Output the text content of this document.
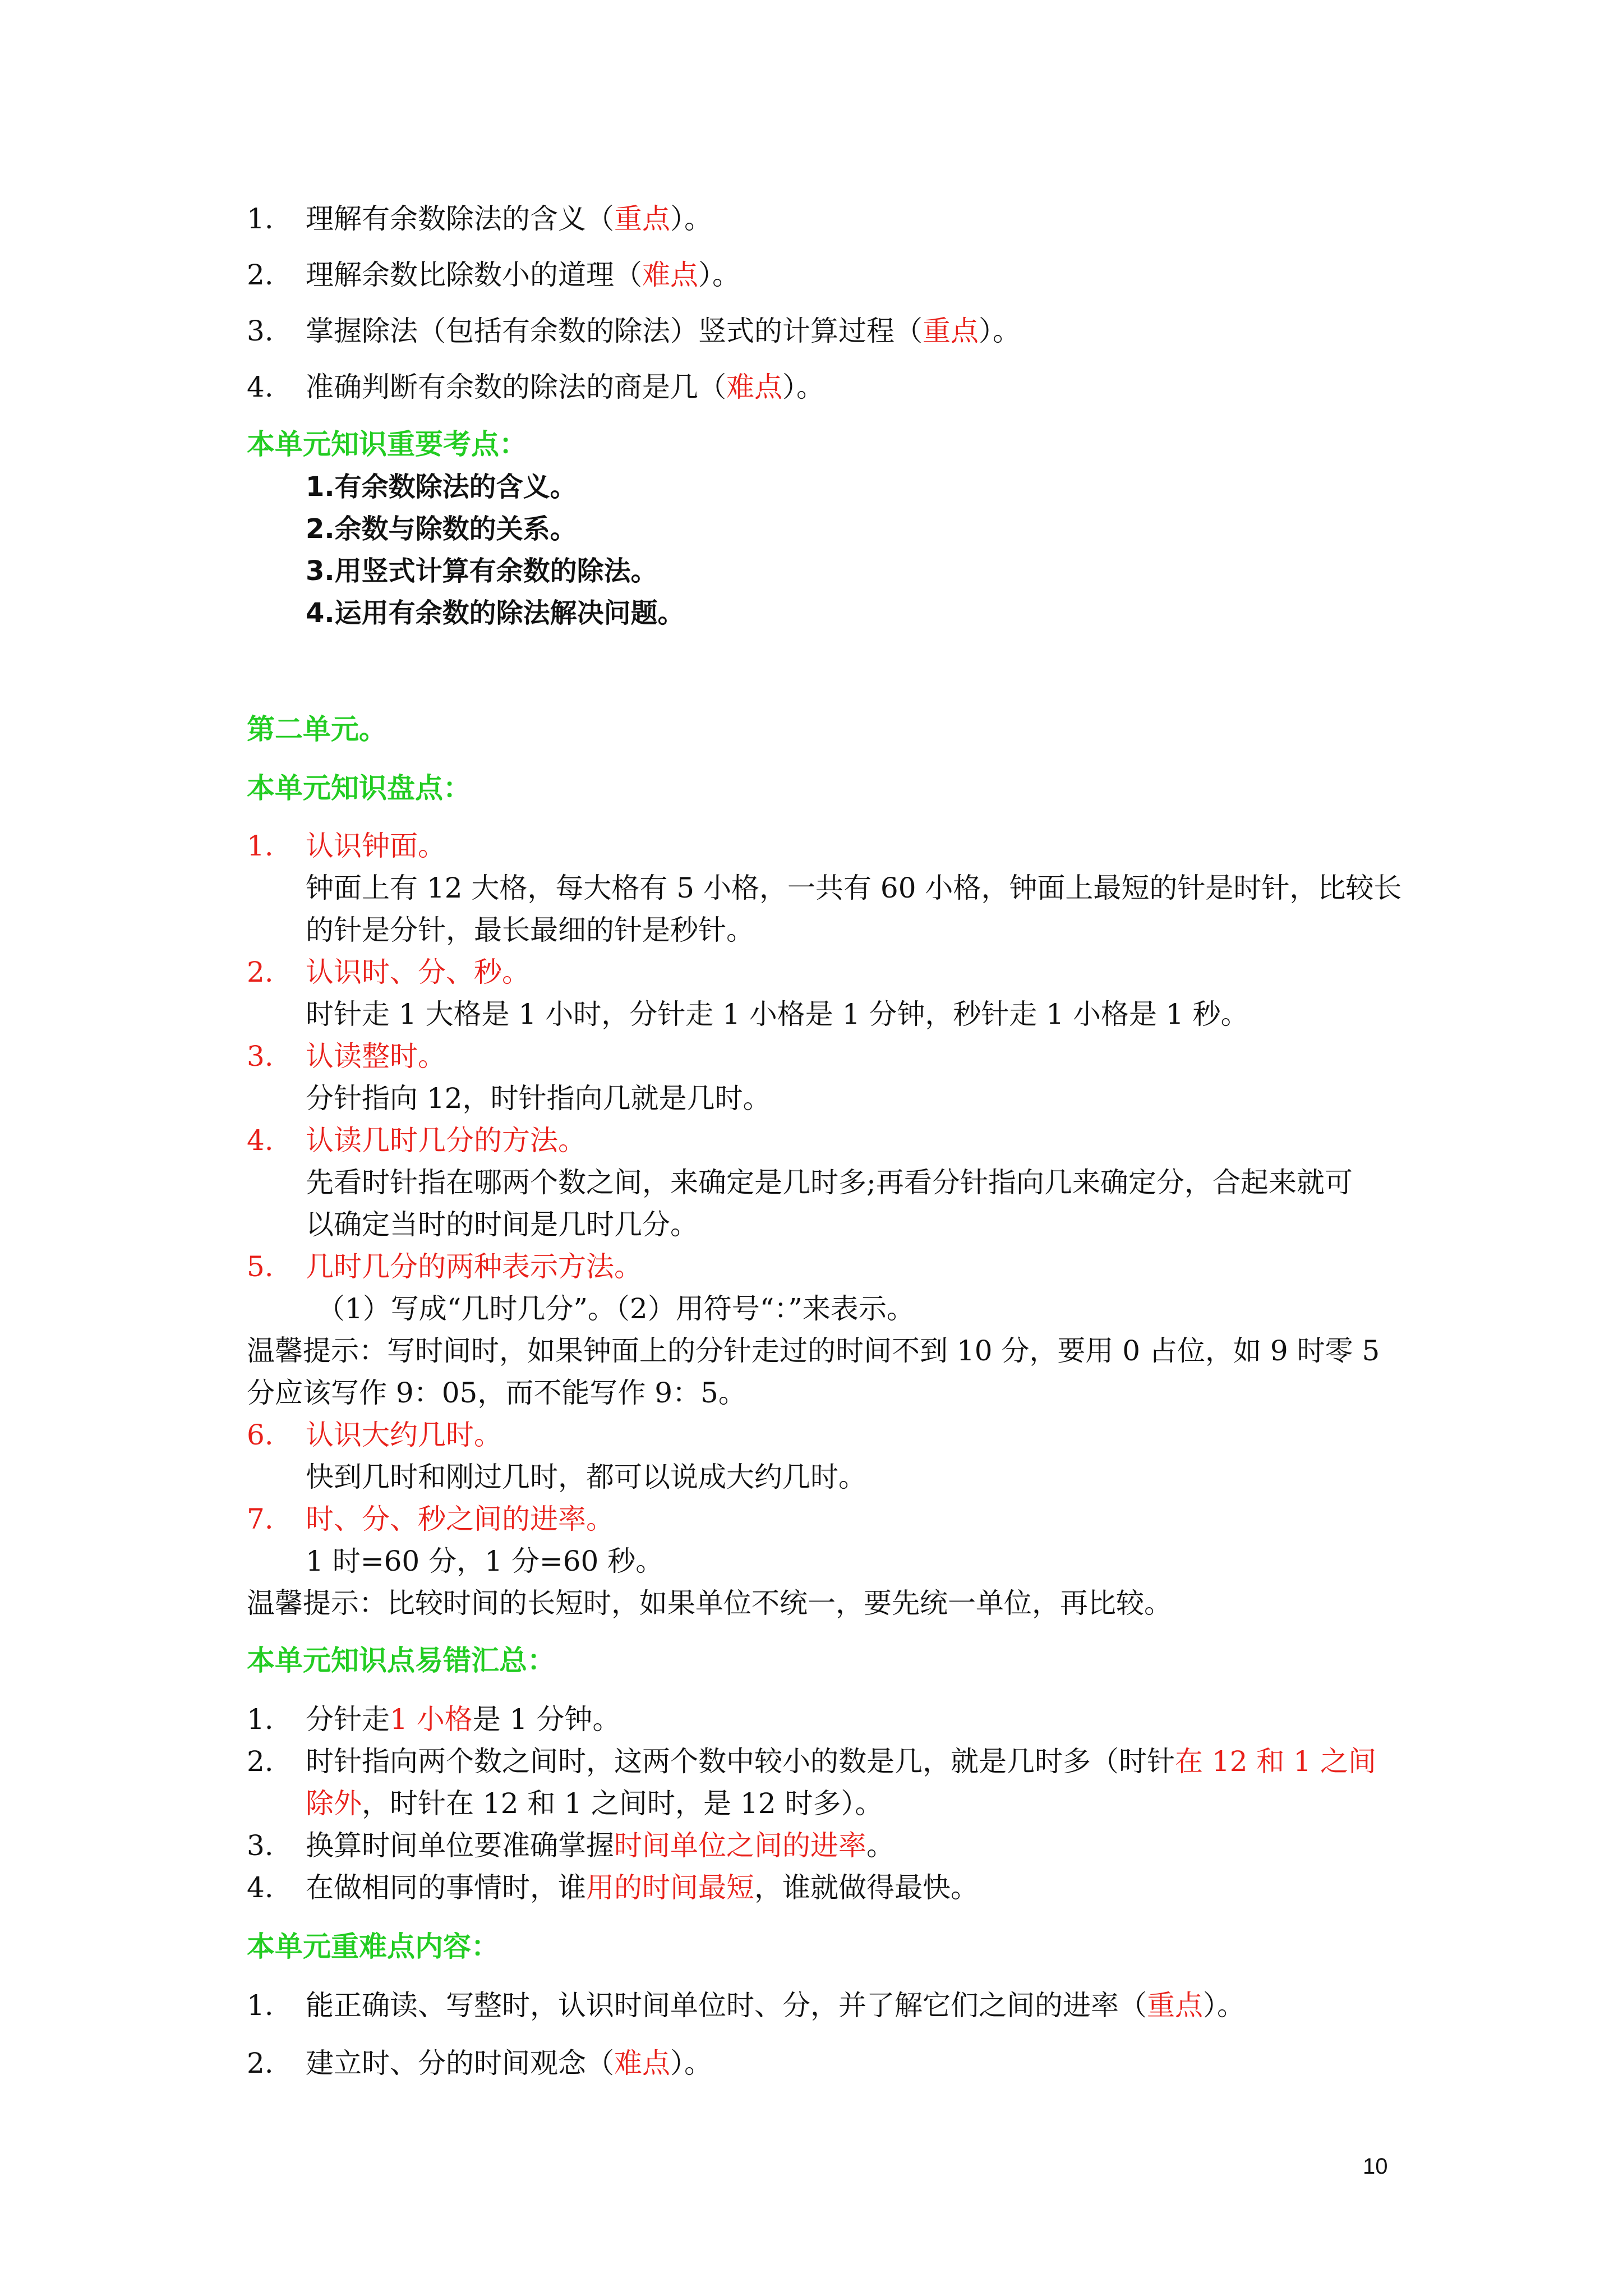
1. 理解有余数除法的含义（重点）。
2. 理解余数比除数小的道理（难点）。
3. 掌握除法（包括有余数的除法）竖式的计算过程（重点）。
4. 准确判断有余数的除法的商是几（难点）。
本单元知识重要考点：
1.有余数除法的含义。
2.余数与除数的关系。
3.用竖式计算有余数的除法。
4.运用有余数的除法解决问题。
第二单元。
本单元知识盘点：
1. 认识钟面。
钟面上有 12 大格，每大格有 5 小格，一共有 60 小格，钟面上最短的针是时针，比较长
的针是分针，最长最细的针是秒针。
2. 认识时、分、秒。
时针走 1 大格是 1 小时，分针走 1 小格是 1 分钟，秒针走 1 小格是 1 秒。
3. 认读整时。
分针指向 12，时针指向几就是几时。
4. 认读几时几分的方法。
先看时针指在哪两个数之间，来确定是几时多;再看分针指向几来确定分，合起来就可
以确定当时的时间是几时几分。
5. 几时几分的两种表示方法。
（1）写成“几时几分”。（2）用符号“：”来表示。
温馨提示：写时间时，如果钟面上的分针走过的时间不到 10 分，要用 0 占位，如 9 时零 5
分应该写作 9：05，而不能写作 9：5。
6. 认识大约几时。
快到几时和刚过几时，都可以说成大约几时。
7. 时、分、秒之间的进率。
1 时=60 分，1 分=60 秒。
温馨提示：比较时间的长短时，如果单位不统一，要先统一单位，再比较。
本单元知识点易错汇总：
1. 分针走1 小格是 1 分钟。
2. 时针指向两个数之间时，这两个数中较小的数是几，就是几时多（时针在 12 和 1 之间
除外，时针在 12 和 1 之间时，是 12 时多）。
3. 换算时间单位要准确掌握时间单位之间的进率。
4. 在做相同的事情时，谁用的时间最短，谁就做得最快。
本单元重难点内容：
1. 能正确读、写整时，认识时间单位时、分，并了解它们之间的进率（重点）。
2. 建立时、分的时间观念（难点）。
10
